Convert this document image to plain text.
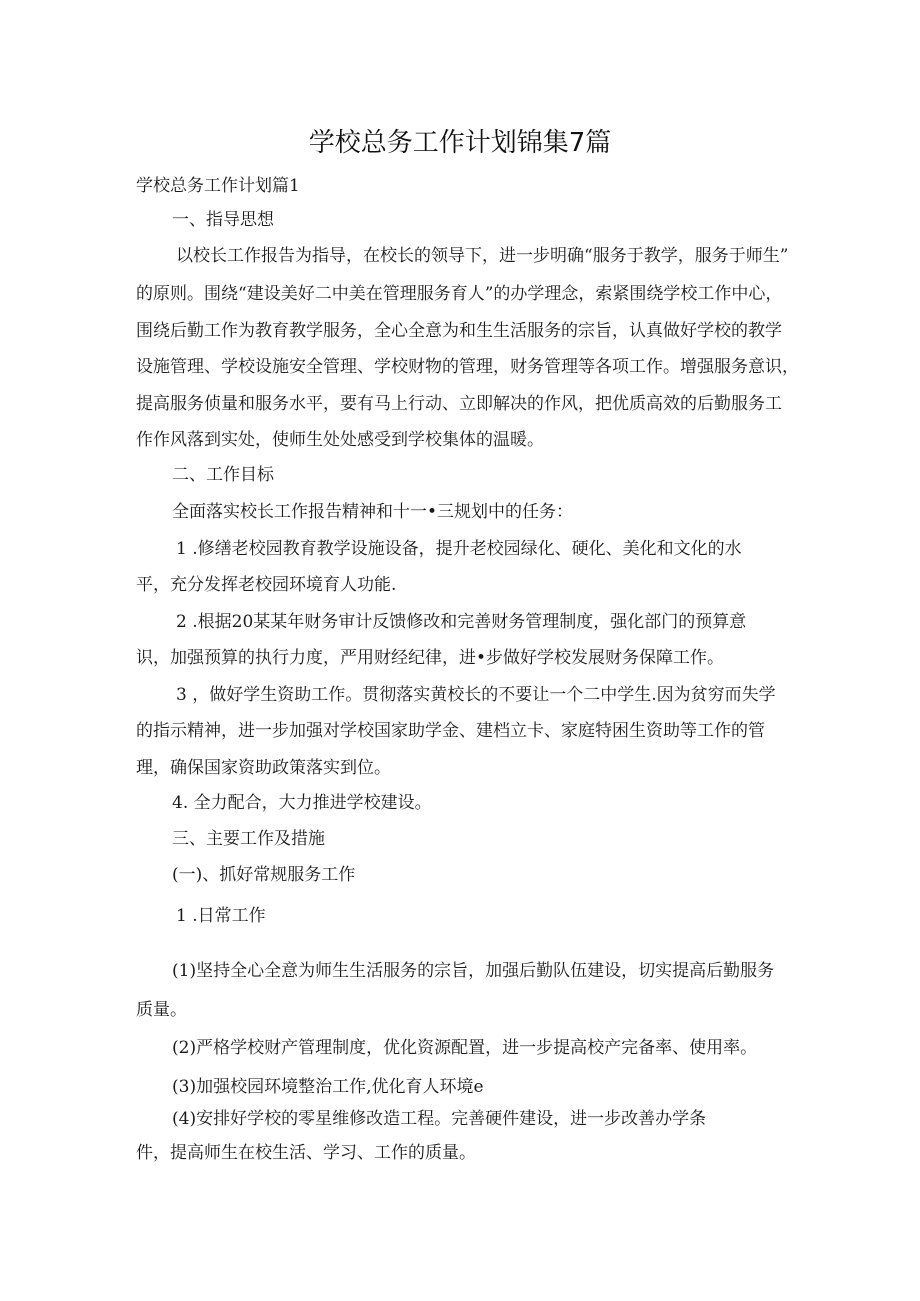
学校总务工作计划锦集7篇
学校总务工作计划篇1
一、指导思想
以校长工作报告为指导，在校长的领导下，进一步明确“服务于教学，服务于师生”
的原则。围绕“建设美好二中美在管理服务育人”的办学理念，索紧围绕学校工作中心，
围绕后勤工作为教育教学服务，全心全意为和生生活服务的宗旨，认真做好学校的教学
设施管理、学校设施安全管理、学校财物的管理，财务管理等各项工作。增强服务意识，
提高服务侦量和服务水平，要有马上行动、立即解决的作风，把优质高效的后勤服务工
作作风落到实处，使师生处处感受到学校集体的温暖。
二、工作目标
全面落实校长工作报告精神和十一•三规划中的任务：
1 .修缮老校园教育教学设施设备，提升老校园绿化、硬化、美化和文化的水
平，充分发挥老校园环境育人功能.
2 .根据20某某年财务审计反馈修改和完善财务管理制度，强化部门的预算意
识，加强预算的执行力度，严用财经纪律，进•步做好学校发展财务保障工作。
3 ，做好学生资助工作。贯彻落实黄校长的不要让一个二中学生.因为贫穷而失学
的指示精神，进一步加强对学校国家助学金、建档立卡、家庭特困生资助等工作的管
理，确保国家资助政策落实到位。
4. 全力配合，大力推进学校建设。
三、主要工作及措施
(一)、抓好常规服务工作
1 .日常工作
(1)坚持全心全意为师生生活服务的宗旨，加强后勤队伍建设，切实提高后勤服务
质量。
(2)严格学校财产管理制度，优化资源配置，进一步提高校产完备率、使用率。
(3)加强校园环境整治工作,优化育人环境e
(4)安排好学校的零星维修改造工程。完善硬件建设，进一步改善办学条
件，提高师生在校生活、学习、工作的质量。
